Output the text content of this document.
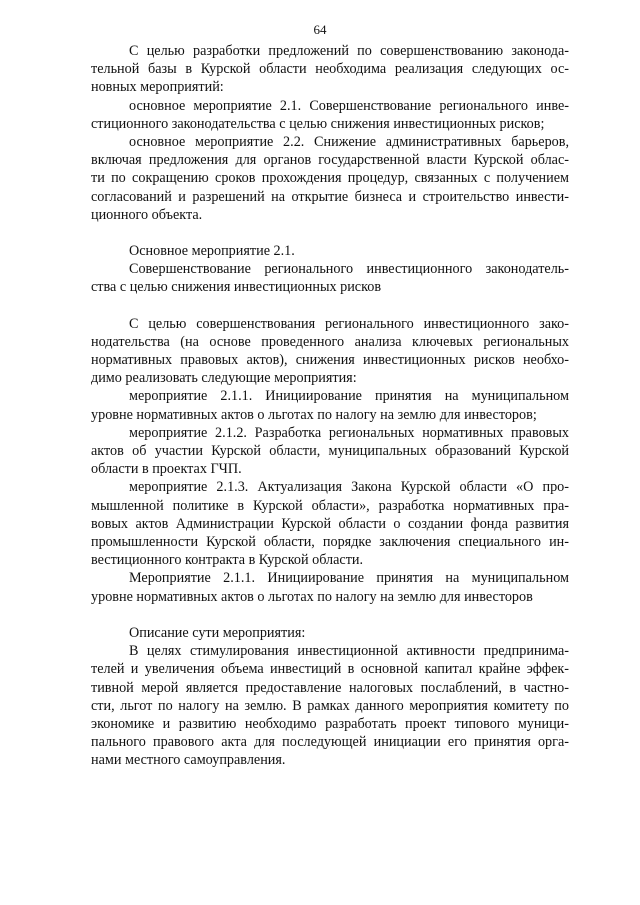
64
С целью разработки предложений по совершенствованию законода-
тельной базы в Курской области необходима реализация следующих ос-
новных мероприятий:
основное мероприятие 2.1. Совершенствование регионального инве-
стиционного законодательства с целью снижения инвестиционных рисков;
основное мероприятие 2.2. Снижение административных барьеров,
включая предложения для органов государственной власти Курской облас-
ти по сокращению сроков прохождения процедур, связанных с получением
согласований и разрешений на открытие бизнеса и строительство инвести-
ционного объекта.
Основное мероприятие 2.1.
Совершенствование регионального инвестиционного законодатель-
ства с целью снижения инвестиционных рисков
С целью совершенствования регионального инвестиционного зако-
нодательства (на основе проведенного анализа ключевых региональных
нормативных правовых актов), снижения инвестиционных рисков необхо-
димо реализовать следующие мероприятия:
мероприятие 2.1.1. Инициирование принятия на муниципальном
уровне нормативных актов о льготах по налогу на землю для инвесторов;
мероприятие 2.1.2. Разработка региональных нормативных правовых
актов об участии Курской области, муниципальных образований Курской
области в проектах ГЧП.
мероприятие 2.1.3. Актуализация Закона Курской области «О про-
мышленной политике в Курской области», разработка нормативных пра-
вовых актов Администрации Курской области о создании фонда развития
промышленности Курской области, порядке заключения специального ин-
вестиционного контракта в Курской области.
Мероприятие 2.1.1. Инициирование принятия на муниципальном
уровне нормативных актов о льготах по налогу на землю для инвесторов
Описание сути мероприятия:
В целях стимулирования инвестиционной активности предпринима-
телей и увеличения объема инвестиций в основной капитал крайне эффек-
тивной мерой является предоставление налоговых послаблений, в частно-
сти, льгот по налогу на землю. В рамках данного мероприятия комитету по
экономике и развитию необходимо разработать проект типового муници-
пального правового акта для последующей инициации его принятия орга-
нами местного самоуправления.
